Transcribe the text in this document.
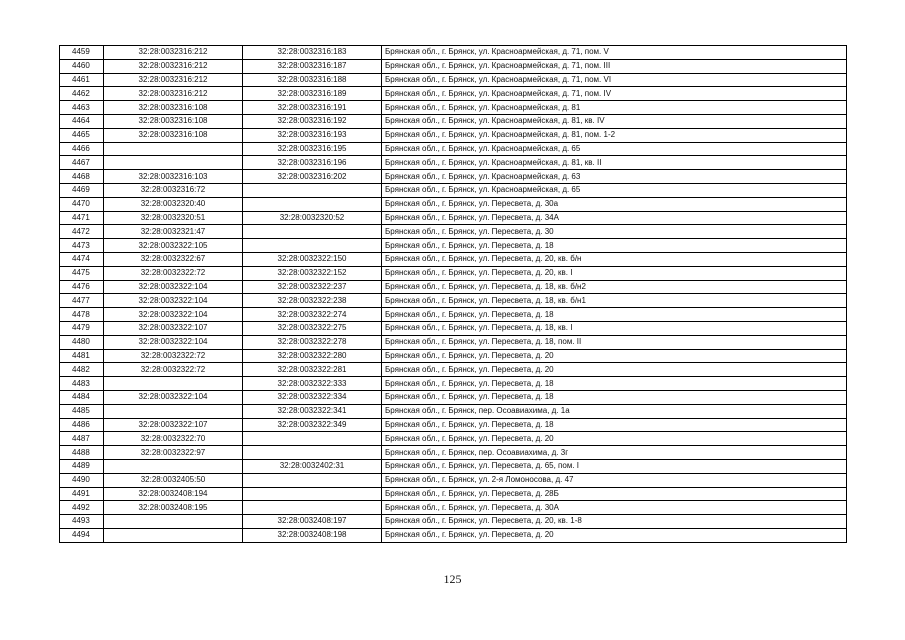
4459	32:28:0032316:212	32:28:0032316:183	Брянская обл., г. Брянск, ул. Красноармейская, д. 71, пом. V
4460	32:28:0032316:212	32:28:0032316:187	Брянская обл., г. Брянск, ул. Красноармейская, д. 71, пом. III
4461	32:28:0032316:212	32:28:0032316:188	Брянская обл., г. Брянск, ул. Красноармейская, д. 71, пом. VI
4462	32:28:0032316:212	32:28:0032316:189	Брянская обл., г. Брянск, ул. Красноармейская, д. 71, пом. IV
4463	32:28:0032316:108	32:28:0032316:191	Брянская обл., г. Брянск, ул. Красноармейская, д. 81
4464	32:28:0032316:108	32:28:0032316:192	Брянская обл., г. Брянск, ул. Красноармейская, д. 81, кв. IV
4465	32:28:0032316:108	32:28:0032316:193	Брянская обл., г. Брянск, ул. Красноармейская, д. 81, пом. 1-2
4466		32:28:0032316:195	Брянская обл., г. Брянск, ул. Красноармейская, д. 65
4467		32:28:0032316:196	Брянская обл., г. Брянск, ул. Красноармейская, д. 81, кв. II
4468	32:28:0032316:103	32:28:0032316:202	Брянская обл., г. Брянск, ул. Красноармейская, д. 63
4469	32:28:0032316:72		Брянская обл., г. Брянск, ул. Красноармейская, д. 65
4470	32:28:0032320:40		Брянская обл., г. Брянск, ул. Пересвета, д. 30а
4471	32:28:0032320:51	32:28:0032320:52	Брянская обл., г. Брянск, ул. Пересвета, д. 34А
4472	32:28:0032321:47		Брянская обл., г. Брянск, ул. Пересвета, д. 30
4473	32:28:0032322:105		Брянская обл., г. Брянск, ул. Пересвета, д. 18
4474	32:28:0032322:67	32:28:0032322:150	Брянская обл., г. Брянск, ул. Пересвета, д. 20, кв. б/н
4475	32:28:0032322:72	32:28:0032322:152	Брянская обл., г. Брянск, ул. Пересвета, д. 20, кв. I
4476	32:28:0032322:104	32:28:0032322:237	Брянская обл., г. Брянск, ул. Пересвета, д. 18, кв. б/н2
4477	32:28:0032322:104	32:28:0032322:238	Брянская обл., г. Брянск, ул. Пересвета, д. 18, кв. б/н1
4478	32:28:0032322:104	32:28:0032322:274	Брянская обл., г. Брянск, ул. Пересвета, д. 18
4479	32:28:0032322:107	32:28:0032322:275	Брянская обл., г. Брянск, ул. Пересвета, д. 18, кв. I
4480	32:28:0032322:104	32:28:0032322:278	Брянская обл., г. Брянск, ул. Пересвета, д. 18, пом. II
4481	32:28:0032322:72	32:28:0032322:280	Брянская обл., г. Брянск, ул. Пересвета, д. 20
4482	32:28:0032322:72	32:28:0032322:281	Брянская обл., г. Брянск, ул. Пересвета, д. 20
4483		32:28:0032322:333	Брянская обл., г. Брянск, ул. Пересвета, д. 18
4484	32:28:0032322:104	32:28:0032322:334	Брянская обл., г. Брянск, ул. Пересвета, д. 18
4485		32:28:0032322:341	Брянская обл., г. Брянск, пер. Осоавиахима, д. 1а
4486	32:28:0032322:107	32:28:0032322:349	Брянская обл., г. Брянск, ул. Пересвета, д. 18
4487	32:28:0032322:70		Брянская обл., г. Брянск, ул. Пересвета, д. 20
4488	32:28:0032322:97		Брянская обл., г. Брянск, пер. Осоавиахима, д. 3г
4489		32:28:0032402:31	Брянская обл., г. Брянск, ул. Пересвета, д. 65, пом. I
4490	32:28:0032405:50		Брянская обл., г. Брянск, ул. 2-я Ломоносова, д. 47
4491	32:28:0032408:194		Брянская обл., г. Брянск, ул. Пересвета, д. 28Б
4492	32:28:0032408:195		Брянская обл., г. Брянск, ул. Пересвета, д. 30А
4493		32:28:0032408:197	Брянская обл., г. Брянск, ул. Пересвета, д. 20, кв. 1-8
4494		32:28:0032408:198	Брянская обл., г. Брянск, ул. Пересвета, д. 20
125
